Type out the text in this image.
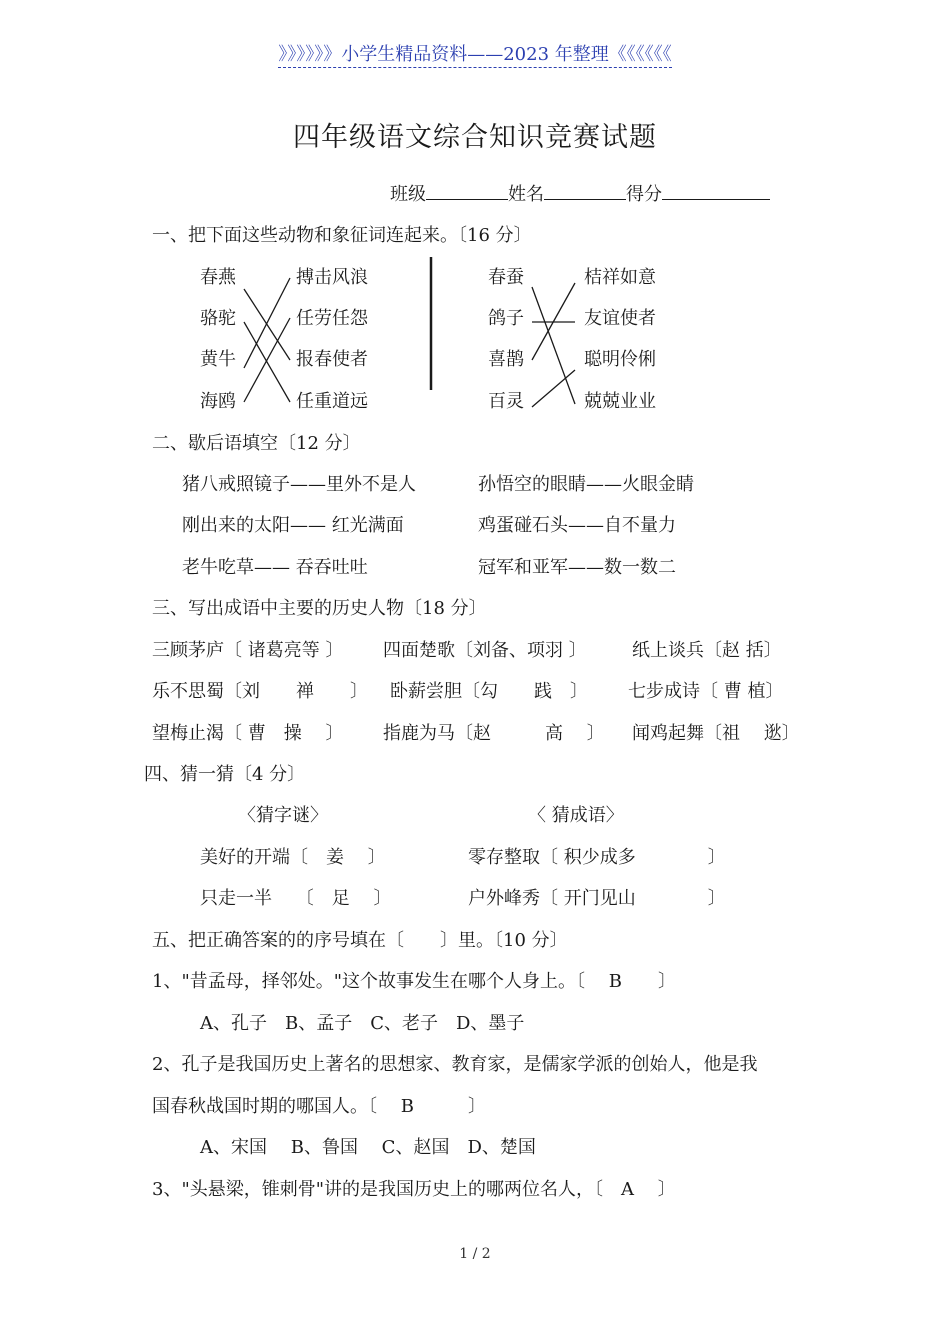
》》》》》》小学生精品资料——2023 年整理《《《《《《
四年级语文综合知识竞赛试题
班级	姓名	得分
一、把下面这些动物和象征词连起来。〔16 分〕
春燕
骆驼
黄牛
海鸥
搏击风浪
任劳任怨
报春使者
任重道远
春蚕
鸽子
喜鹊
百灵
桔祥如意
友谊使者
聪明伶俐
兢兢业业
二、歇后语填空〔12 分〕
猪八戒照镜子——里外不是人	孙悟空的眼睛——火眼金睛
刚出来的太阳—— 红光满面	鸡蛋碰石头——自不量力
老牛吃草—— 吞吞吐吐	冠军和亚军——数一数二
三、写出成语中主要的历史人物〔18 分〕
三顾茅庐〔 诸葛亮等 〕 四面楚歌〔刘备、项羽 〕	纸上谈兵〔赵 括〕
乐不思蜀〔刘　　禅　　〕 卧薪尝胆〔勾　　践　〕 七步成诗〔 曹 植〕
望梅止渴〔 曹　操　 〕 指鹿为马〔赵　　　高　 〕 闻鸡起舞〔祖　 逖〕
四、猜一猜〔4 分〕
〈猜字谜〉	〈 猜成语〉
美好的开端〔　姜　 〕	零存整取〔 积少成多　　　　〕
只走一半　 〔　足　 〕	户外峰秀〔 开门见山　　　　〕
五、把正确答案的的序号填在〔　　〕里。〔10 分〕
1、"昔孟母，择邻处。"这个故事发生在哪个人身上。〔　 B　　〕
A、孔子　B、孟子　C、老子　D、墨子
2、孔子是我国历史上著名的思想家、教育家，是儒家学派的创始人，他是我
国春秋战国时期的哪国人。〔　 B　　　〕
A、宋国　 B、鲁国　 C、赵国　D、楚国
3、"头悬梁，锥刺骨"讲的是我国历史上的哪两位名人，〔　A　 〕
1 / 2
